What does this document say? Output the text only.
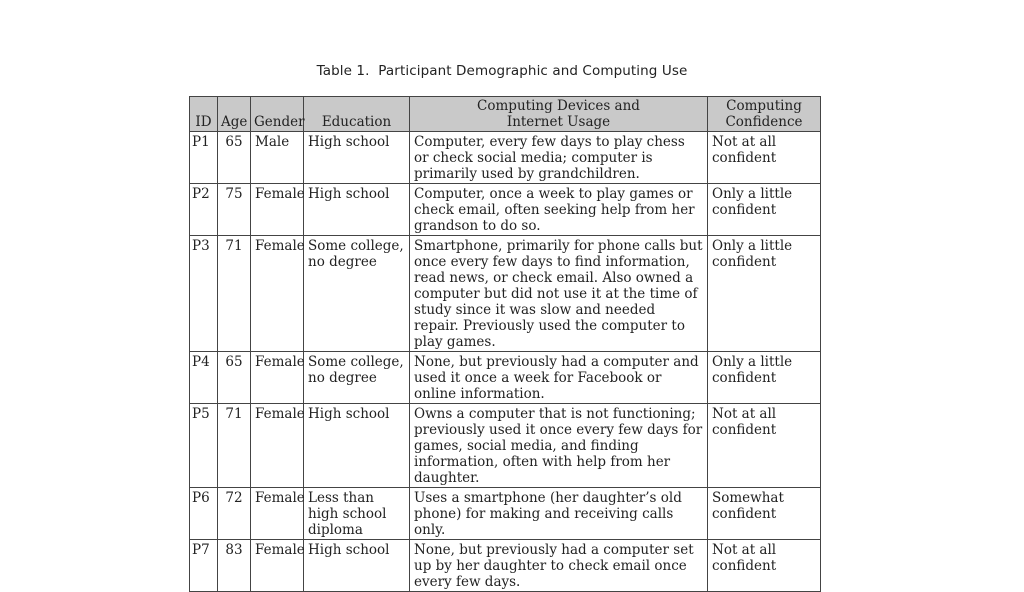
Table 1.  Participant Demographic and Computing Use
ID	Age	Gender	Education	Computing Devices and Internet Usage	Computing Confidence
P1	65	Male	High school	Computer, every few days to play chess or check social media; computer is primarily used by grandchildren.	Not at all confident
P2	75	Female	High school	Computer, once a week to play games or check email, often seeking help from her grandson to do so.	Only a little confident
P3	71	Female	Some college, no degree	Smartphone, primarily for phone calls but once every few days to find information, read news, or check email. Also owned a computer but did not use it at the time of study since it was slow and needed repair. Previously used the computer to play games.	Only a little confident
P4	65	Female	Some college, no degree	None, but previously had a computer and used it once a week for Facebook or online information.	Only a little confident
P5	71	Female	High school	Owns a computer that is not functioning; previously used it once every few days for games, social media, and finding information, often with help from her daughter.	Not at all confident
P6	72	Female	Less than high school diploma	Uses a smartphone (her daughter’s old phone) for making and receiving calls only.	Somewhat confident
P7	83	Female	High school	None, but previously had a computer set up by her daughter to check email once every few days.	Not at all confident
